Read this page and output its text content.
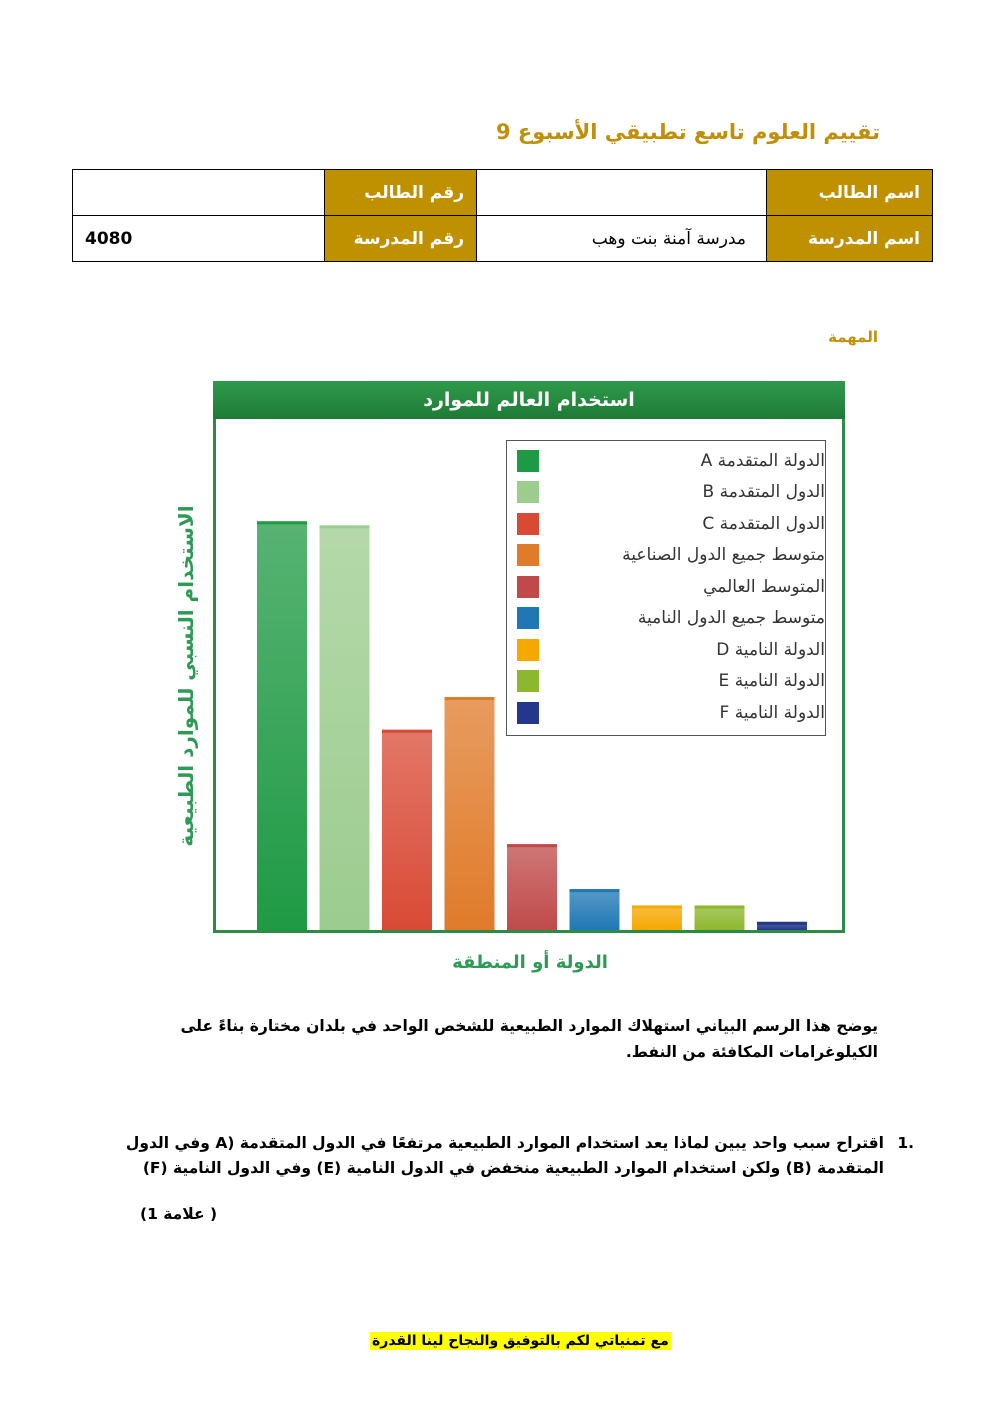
تقييم العلوم تاسع تطبيقي الأسبوع 9
اسم الطالب		رقم الطالب	
اسم المدرسة	مدرسة آمنة بنت وهب	رقم المدرسة	4080
المهمة
استخدام العالم للموارد
الاستخدام النسبي للموارد الطبيعية
الدولة أو المنطقة
الدولة المتقدمة A
الدول المتقدمة B
الدول المتقدمة C
متوسط جميع الدول الصناعية
المتوسط العالمي
متوسط جميع الدول النامية
الدولة النامية D
الدولة النامية E
الدولة النامية F
يوضح هذا الرسم البياني استهلاك الموارد الطبيعية للشخص الواحد في بلدان مختارة بناءً على الكيلوغرامات المكافئة من النفط.
.1
اقتراح سبب واحد يبين لماذا يعد استخدام الموارد الطبيعية مرتفعًا في الدول المتقدمة (A وفي الدول المتقدمة (B) ولكن استخدام الموارد الطبيعية منخفض في الدول النامية (E) وفي الدول النامية (F)
( علامة 1)
مع تمنياتي لكم بالتوفيق والنجاح لينا القدرة
